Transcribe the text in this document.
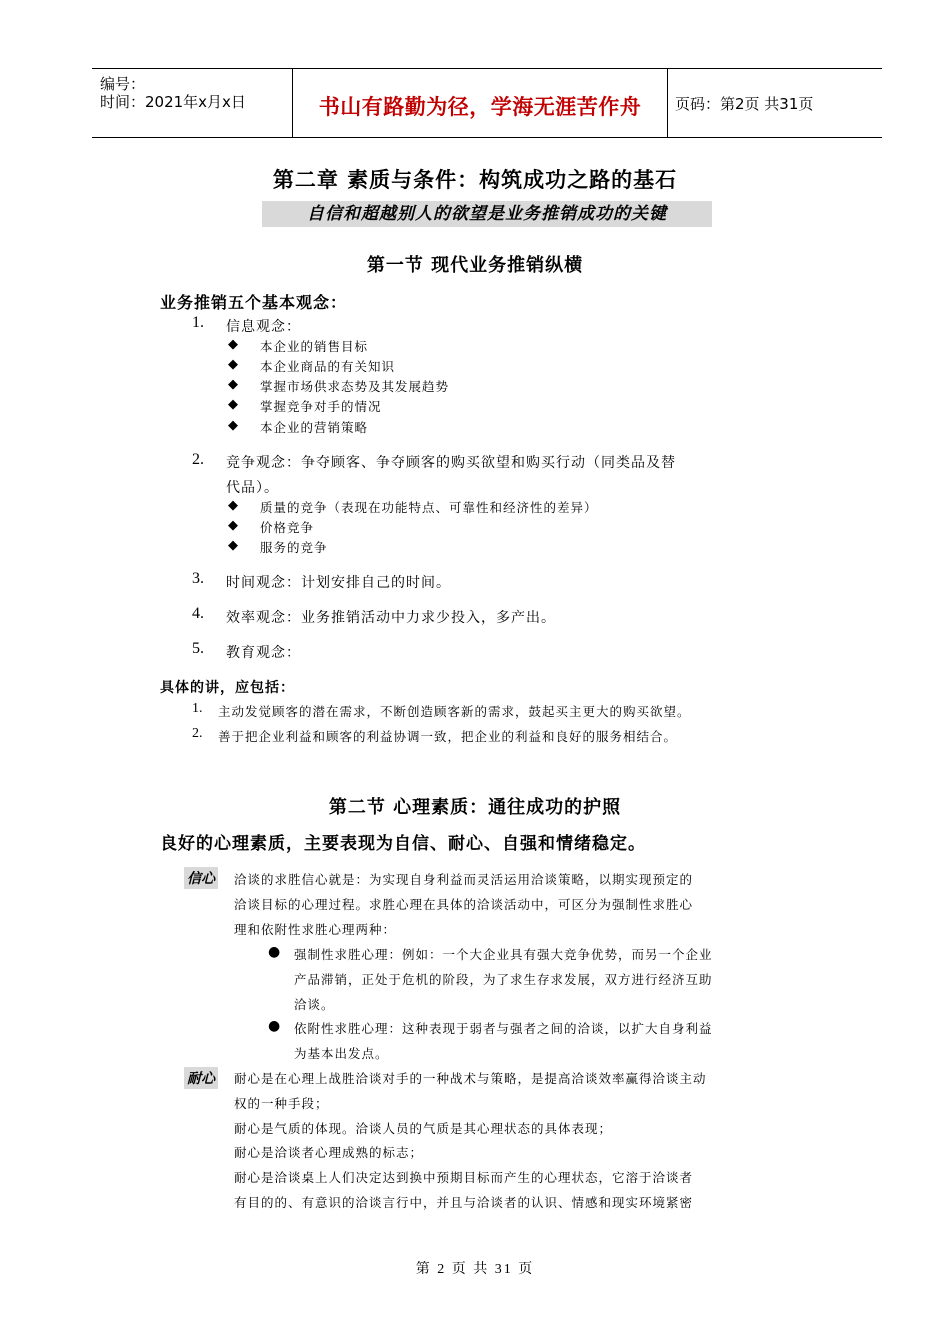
编号：
时间：2021年x月x日	书山有路勤为径，学海无涯苦作舟	页码：第2页 共31页
第二章 素质与条件：构筑成功之路的基石
自信和超越别人的欲望是业务推销成功的关键
第一节 现代业务推销纵横
业务推销五个基本观念：
1. 信息观念：
◆ 本企业的销售目标
◆ 本企业商品的有关知识
◆ 掌握市场供求态势及其发展趋势
◆ 掌握竞争对手的情况
◆ 本企业的营销策略
2. 竞争观念：争夺顾客、争夺顾客的购买欲望和购买行动（同类品及替
代品）。
◆ 质量的竞争（表现在功能特点、可靠性和经济性的差异）
◆ 价格竞争
◆ 服务的竞争
3. 时间观念：计划安排自己的时间。
4. 效率观念：业务推销活动中力求少投入，多产出。
5. 教育观念：
具体的讲，应包括：
1. 主动发觉顾客的潜在需求，不断创造顾客新的需求，鼓起买主更大的购买欲望。
2. 善于把企业利益和顾客的利益协调一致，把企业的利益和良好的服务相结合。
第二节 心理素质：通往成功的护照
良好的心理素质，主要表现为自信、耐心、自强和情绪稳定。
信心 洽谈的求胜信心就是：为实现自身利益而灵活运用洽谈策略，以期实现预定的
洽谈目标的心理过程。求胜心理在具体的洽谈活动中，可区分为强制性求胜心
理和依附性求胜心理两种：
● 强制性求胜心理：例如：一个大企业具有强大竞争优势，而另一个企业
产品滞销，正处于危机的阶段，为了求生存求发展，双方进行经济互助
洽谈。
● 依附性求胜心理：这种表现于弱者与强者之间的洽谈，以扩大自身利益
为基本出发点。
耐心 耐心是在心理上战胜洽谈对手的一种战术与策略，是提高洽谈效率赢得洽谈主动
权的一种手段；
耐心是气质的体现。洽谈人员的气质是其心理状态的具体表现；
耐心是洽谈者心理成熟的标志；
耐心是洽谈桌上人们决定达到换中预期目标而产生的心理状态，它溶于洽谈者
有目的的、有意识的洽谈言行中，并且与洽谈者的认识、情感和现实环境紧密
第 2 页 共 31 页
